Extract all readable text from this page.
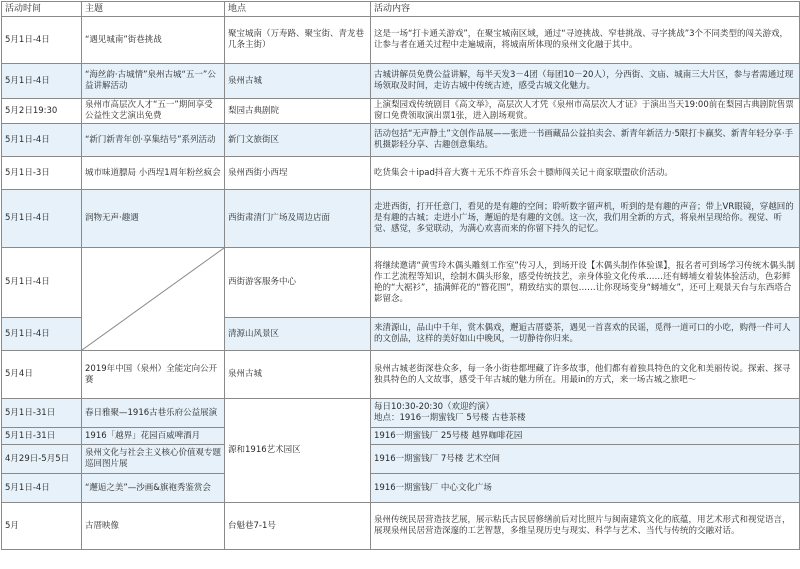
活动时间	主题	地点	活动内容
5月1日-4日	“遇见城南”街巷挑战	聚宝城南（万寿路、聚宝街、青龙巷几条主街）	这是一场“打卡通关游戏”，在聚宝城南区域，通过“寻迹挑战、窄巷挑战、寻字挑战”3个不同类型的闯关游戏，让参与者在通关过程中走遍城南，将城南所体现的泉州文化融于其中。
5月1日-4日	“海丝韵·古城情”泉州古城“五一”公益讲解活动	泉州古城	古城讲解员免费公益讲解，每半天发3－4团（每团10－20人），分西街、文庙、城南三大片区，参与者需通过现场领取及时间，走访古城中传统古迹，感受古城文化魅力。
5月2日19:30	泉州市高层次人才“五一”期间享受公益性文艺演出免费	梨园古典剧院	上演梨园戏传统剧目《高文举》，高层次人才凭《泉州市高层次人才证》于演出当天19:00前在梨园古典剧院售票窗口免费领取演出票1张，进入剧场观赏。
5月1日-4日	“新门新青年创·享集结号”系列活动	新门文旅街区	活动包括“无声静土”文创作品展——张进一书画藏品公益拍卖会、新青年新活力·5限打卡赢奖、新青年轻分享·手机摄影轻分享、古趣创意集结。
5月1日-3日	城市味道膘局 小西埕1周年粉丝疯会	泉州西街小西埕	吃货集会＋ipad抖音大赛＋无乐不炸音乐会＋膘师闯关记＋商家联盟砍价活动。
5月1日-4日	润物无声·趣遇	西街肃清门广场及周边店面	走进西街，打开任意门，看见的是有趣的空间；聆听数字留声机，听到的是有趣的声音；带上VR眼镜，穿越回的是有趣的古城；走进小广场，邂逅的是有趣的文创。这一次，我们用全新的方式，将泉州呈现给你。视觉、听觉、感觉，多觉联动，为满心欢喜而来的你留下持久的记忆。
5月1日-4日		西街游客服务中心	将继续邀请“黄雪玲木偶头雕刻工作室”传习人，到场开设【木偶头制作体验课】，报名者可到场学习传统木偶头制作工艺流程等知识，绘制木偶头形象，感受传统技艺，亲身体验文化传承……还有蟳埔女着装体验活动，色彩鲜艳的“大裾衫”，插满鲜花的“簪花围”，精致结实的票包……让你现场变身“蟳埔女”，还可上观景天台与东西塔合影留念。
5月1日-4日		清源山风景区	来清源山，品山中千年，赏木偶戏，邂逅古厝婆茶，遇见一首喜欢的民谣，觅得一道可口的小吃，购得一件可人的文创品，这样的美好如山中晚风，一切静待你归来。
5月4日	2019年中国（泉州）全能定向公开赛	泉州古城	泉州古城老街深巷众多，每一条小街巷都埋藏了许多故事，他们都有着独具特色的文化和美丽传说。探索、探寻独具特色的人文故事，感受千年古城的魅力所在。用最in的方式，来一场古城之旅吧～
5月1日-31日	春日雅聚—1916古巷乐府公益展演	源和1916艺术园区	每日10:30-20:30（欢迎约演）
地点：1916一期蜜钱厂 5号楼 古巷茶楼
5月1日-31日	1916「越界」花园百威啤酒月		1916一期蜜钱厂 25号楼 越界咖啡花园
4月29日-5月5日	泉州文化与社会主义核心价值观专题巡回图片展		1916一期蜜钱厂 7号楼 艺术空间
5月1日-4日	“邂逅之美”—沙画&旗袍秀鉴赏会		1916一期蜜钱厂 中心文化广场
5月	古厝映像	台魁巷7-1号	泉州传统民居营造技艺展，展示粘氏古民居修缮前后对比照片与闽南建筑文化的底蕴，用艺术形式和视觉语言，展现泉州民居营造深邃的工艺智慧，多维呈现历史与现实、科学与艺术、当代与传统的交融对话。
